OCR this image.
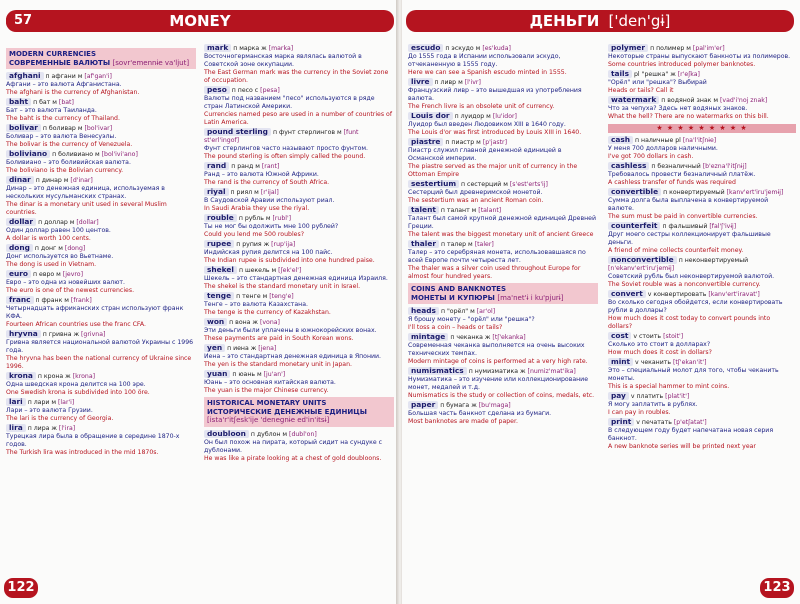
MONEY
57
MODERN CURRENCIES
СОВРЕМЕННЫЕ ВАЛЮТЫ [sovr'emennɨe va'ljut]
afghani п афгани м [af'gan'i]
Афгани – это валюта Афганистана.
The afghani is the currency of Afghanistan.
baht п бат м [bat]
Бат – это валюта Таиланда.
The baht is the currency of Thailand.
bolivar п боливар м [bol'ivar]
Боливар – это валюта Венесуэлы.
The bolivar is the currency of Venezuela.
boliviano п боливиано м [bol'ivi'ano]
Боливиано – это боливийская валюта.
The boliviano is the Bolivian currency.
dinar п динар м [d'inar]
Динар – это денежная единица, используемая в нескольких мусульманских странах.
The dinar is a monetary unit used in several Muslim countries.
dollar п доллар м [dollar]
Один доллар равен 100 центов.
A dollar is worth 100 cents.
dong п донг м [dong]
Донг используется во Вьетнаме.
The dong is used in Vietnam.
euro п евро м [jevro]
Евро – это одна из новейших валют.
The euro is one of the newest currencies.
franc п франк м [frank]
Четырнадцать африканских стран используют франк КФА.
Fourteen African countries use the franc CFA.
hryvna п гривна ж [grivna]
Гривна является национальной валютой Украины с 1996 года.
The hryvna has been the national currency of Ukraine since 1996.
krona п крона ж [krona]
Одна шведская крона делится на 100 эре.
One Swedish krona is subdivided into 100 öre.
lari п лари м [lar'i]
Лари – это валюта Грузии.
The lari is the currency of Georgia.
lira п лира ж [l'ira]
Турецкая лира была в обращение в середине 1870-х годов.
The Turkish lira was introduced in the mid 1870s.
mark п марка ж [marka]
Восточногерманская марка являлась валютой в Советской зоне оккупации.
The East German mark was the currency in the Soviet zone of occupation.
peso п песо с [pesa]
Валюты под названием "песо" используются в ряде стран Латинской Америки.
Currencies named peso are used in a number of countries of Latin America.
pound sterling п фунт стерлингов м [funt st'erl'ingof]
Фунт стерлингов часто называют просто фунтом.
The pound sterling is often simply called the pound.
rand п ранд м [rant]
Ранд – это валюта Южной Африки.
The rand is the currency of South Africa.
riyal п риял м [r'ijal]
В Саудовской Аравии используют риал.
In Saudi Arabia they use the riyal.
rouble п рубль м [rubl']
Ты не мог бы одолжить мне 100 рублей?
Could you lend me 500 roubles?
rupee п рупия ж [rup'ija]
Индийская рупия делится на 100 пайс.
The Indian rupee is subdivided into one hundred paise.
shekel п шекель м [ʃek'el']
Шекель – это стандартная денежная единица Израиля.
The shekel is the standard monetary unit in Israel.
tenge п тенге м [teng'e]
Тенге – это валюта Казахстана.
The tenge is the currency of Kazakhstan.
won п вона ж [vona]
Эти деньги были уплачены в южнокорейских вонах.
These payments are paid in South Korean wons.
yen п иена ж [jena]
Иена – это стандартная денежная единица в Японии.
The yen is the standard monetary unit in Japan.
yuan п юань м [ju'an']
Юань – это основная китайская валюта.
The yuan is the major Chinese currency.
HISTORICAL MONETARY UNITS
ИСТОРИЧЕСКИЕ ДЕНЕЖНЫЕ ЕДИНИЦЫ [ista'r'itʃesk'ije 'denegnɨe ed'in'itsɨ]
doubloon п дублон м [dubl'on]
Он был похож на пирата, который сидит на сундуке с дублонами.
He was like a pirate looking at a chest of gold doubloons.
122
ДЕНЬГИ ['den'gɨ]
escudo п эскудо м [es'kuda]
До 1555 года в Испании использовали эскудо, отчеканенную в 1555 году.
Here we can see a Spanish escudo minted in 1555.
livre п ливр м [l'ivr]
Французский ливр – это вышедшая из употребления валюта.
The French livre is an obsolete unit of currency.
Louis dor п луидор м [lu'idor]
Луидор был введен Людовиком XIII в 1640 году.
The Louis d'or was first introduced by Louis XIII in 1640.
piastre п пиастр м [p'jastr]
Пиастр служил главной денежной единицей в Османской империи.
The piastre served as the major unit of currency in the Ottoman Empire
sestertium п сестерций м [s'est'erts'ij]
Сестерций был древнеримской монетой.
The sestertium was an ancient Roman coin.
talent п талант м [talant]
Талант был самой крупной денежной единицей Древней Греции.
The talent was the biggest monetary unit of ancient Greece
thaler п талер м [taler]
Талер – это серебряная монета, использовавшаяся по всей Европе почти четыреста лет.
The thaler was a silver coin used throughout Europe for almost four hundred years.
COINS AND BANKNOTES
МОНЕТЫ И КУПЮРЫ [ma'net'ɨ i ku'pjurɨ]
heads п "орёл" м [ar'ol]
Я брошу монету – "орёл" или "решка"?
I'll toss a coin – heads or tails?
mintage п чеканка ж [tʃ'ekanka]
Современная чеканка выполняется на очень высоких технических темпах.
Modern mintage of coins is performed at a very high rate.
numismatics п нумизматика ж [numiz'mat'ika]
Нумизматика – это изучение или коллекционирование монет, медалей и т.д.
Numismatics is the study or collection of coins, medals, etc.
paper п бумага ж [bu'maga]
Большая часть банкнот сделана из бумаги.
Most banknotes are made of paper.
polymer п полимер м [pal'im'er]
Некоторые страны выпускают банкноты из полимеров.
Some countries introduced polymer banknotes.
tails pl "решка" ж [r'eʃka]
"Орёл" или "решка"? Выбирай
Heads or tails? Call it
watermark п водяной знак м [vad'i'noj znak]
Что за чепуха? Здесь нет водяных знаков.
What the hell? There are no watermarks on this bill.
★ ★ ★ ★ ★ ★ ★ ★ ★
cash п наличные pl [na'l'itʃnɨe]
У меня 700 долларов наличными.
I've got 700 dollars in cash.
cashless п безналичный [b'ezna'l'itʃnɨj]
Требовалось провести безналичный платёж.
A cashless transfer of funds was required
convertible п конвертируемый [kanv'ert'iru'jemɨj]
Сумма долга была выплачена в конвертируемой валюте.
The sum must be paid in convertible currencies.
counterfeit п фальшивый [fal'ʃ'ivɨj]
Друг моего сестры коллекционирует фальшивые деньги.
A friend of mine collects counterfeit money.
nonconvertible п неконвертируемый [n'ekanv'ert'iru'jemɨj]
Советский рубль был неконвертируемой валютой.
The Soviet rouble was a nonconvertible currency.
convert v конвертировать [kanv'ert'iravat']
Во сколько сегодня обойдется, если конвертировать рубли в доллары?
How much does it cost today to convert pounds into dollars?
cost v стоить [stoit']
Сколько это стоит в долларах?
How much does it cost in dollars?
mint v чеканить [tʃ'ekan'it']
Это – специальный молот для того, чтобы чеканить монеты.
This is a special hammer to mint coins.
pay v платить [plat'it']
Я могу заплатить в рублях.
I can pay in roubles.
print v печатать [p'etʃatat']
В следующем году будет напечатана новая серия банкнот.
A new banknote series will be printed next year
123
